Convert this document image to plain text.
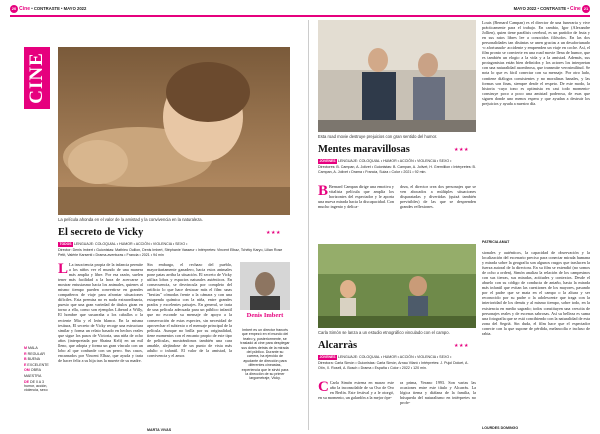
20 Cine • CONTRASTE • MAYO 2022	MAYO 2022 • CONTRASTE • Cine 21
CINE
La película ahonda en el valor de la amistad y la convivencia en la naturaleza.
El secreto de Vicky	★★★
TODOS LENGUAJE: COLOQUIAL • HUMOR • ACCIÓN • VIOLENCIA • SEXO •
Director: Denis Imbert • Guionistas: Mathieu Oullion, Denis Imbert, Stéphanie Vasseur • Intérpretes: Vincent Elbaz, Tchéky Karyo, Lilian Rose Petit, Valérie Karsenti • Drama-aventuras • Francia • 2021 • 94 min
M MALA
R REGULAR
B BUENA
E EXCELENTE
OM OBRA MAESTRA
DE DE 0 A 3 humor, acción, violencia, sexo
L La insociencia propia de la infancia permite a los niños ver el mundo de una manera más amplia y libre. Por esa razón, suelen tener más facilidad a la hora de acercarse y mostrar entusiasmo hacia los animales, quienes al mismo tiempo pueden convertirse en grandes compañeros de viaje para afrontar situaciones difíciles. Esta premisa no es nada extraordinaria, puesto que una gran variedad de títulos giran en torno a ella, como son ejemplos Liberad a Willy, El hombre que susurraba a los caballos o la reciente Mia y el león blanco. En la misma tesitura, El secreto de Vicky recoge una estructura similar y forma un relato basado en hechos reales que sigue los pasos de Victoria, una niña de ocho años (interpretada por Shaina Keli) en un mil lleno, que adopta y forma un gran vínculo con un lobo al que confunde con un perro. Sus casos, encarnados por Vincent Elbaz, que ayuda y trata de hacer feliz a su hija tras la muerte de su madre.
Sin embargo, el rechazo del pueblo, mayoritariamente ganadero, hacia estos animales pone patas arriba la situación. El secreto de Vicky utiliza lobos y espacios naturales auténticos. En consecuencia, se desvincula por completo del artificio lo que hace destacar más el film: unas "bestias" cómodas frente a la cámara y con una estupenda química con la niña, entre grandes prados y excelentes paisajes. En general, se trata de una película adecuada para un público infantil que no esconde su mensaje de apoyo a la conservación de estas especies, sin necesidad de aprovechar el subtexto o el mensaje principal de la película. Aunque no brilla por su originalidad, tiene momentos con el encanto propio de este tipo de películas, mostrándonos también una cara amable, alejándose de un punto de vista más adulto o infantil. El valor de la amistad, la convivencia y el amor.
MARTA VIVAS
Denis Imbert
Imbert es un director francés que empezó en el mundo del teatro y, posteriormente, se trasladó al cine para desplegar sus dotes detrás de la mirada del público. Durante su carrera, ha ejercido de ayudante de dirección para diferentes cineastas, experiencia que le sirvió para la dirección de su primer largometraje, Vicky.
Esta road movie destruye prejuicios con gran sentido del humor.
Mentes maravillosas	★★★
JÓVENES LENGUAJE: COLOQUIAL • HUMOR • ACCIÓN • VIOLENCIA • SEXO •
Directores: B. Campan, A. Jolivet • Guionistas: B. Campan, A. Jolivet, H. Gremillion • Intérpretes: B. Campan, A. Jolivet • Drama • Francia, Suiza • Color • 2021 • 92 min.
B Bernard Campan dirige una emotiva y vitalista película que amplía los horizontes del espectador y le aporta una nueva mirada hacia la discapacidad. Con mucho ingenio y delica-
deza, el director crea dos personajes que se ven abocados a múltiples situaciones disparatadas y divertidas (quizá también previsibles) de las que se desprenden grandes reflexiones.
Louis (Bernard Campan) es el director de una funeraria y vive prácticamente para el trabajo. En cambio, Igor (Alexandre Jollien), quien tiene parálisis cerebral, es un partidor de fruta y en sus ratos libres lee a conocidos filósofos. En las dos personalidades tan distintas se unen gracias a un desafortunado -o afortunado- accidente y emprenden un viaje en coche. Así, el film pronto se convierte en una road movie llena de humor, que es también un elogio a la vida y a la amistad. Además, sus protagonistas están bien definidos y los actores los interpretan con una naturalidad asombrosa, que transmite verosimilitud. Se nota lo que es fácil conectar con su mensaje. Por otro lado, contiene diálogos consistentes y no moralinas banales, y las formas son finas, siempre desde el respeto. De este modo, la historia -cuyo tono es optimista en casi todo momento- construye poco a poco una amistad poderosa, de esas que siguen donde uno menos espera y que ayudan a destruir los prejuicios y ayuda a nuestro día.
PATRICIA AMAT
Carla Simón se lanza a un estudio etnográfico vinculado con el campo.
Alcarràs	★★★
JÓVENES LENGUAJE: COLOQUIAL • HUMOR • ACCIÓN • VIOLENCIA • SEXO •
Directora: Carla Simón • Guionistas: Carla Simón, Arnau Vilaró • Intérpretes: J. Pujol Dolcet, A. Otín, X. Rosell, A. Bosch • Drama • España • Color • 2022 • 120 min.
C Carla Simón estrena en marzo este año la inconsolable de su Oso de Oro en Berlín. Este festival y a le otorgó, en su momento, un galardón a la mejor ópe-
ra prima, Verano 1993. Son varias las ocasiones entre este título y Alcarràs. La lógica tiema y diáfana de la familia, la búsqueda del naturalismo en intérpretes no profe-
sionales y auténticos, la capacidad de observación y la localización del escenario preciso para conectar mirada humana y mirada sobre la geografía son algunos rasgos que traslucen la fuerza autoral de la directora. En su film se extendió (no somos de ocho a orden), Simón analiza la relación de los campesinos con sus tierras, sus miradas, actitudes y contextos. Desde el abuelo con su código de conducta de antaño, hasta la mirada más infantil que evitan las cuestiones de los mayores, pasando por el padre que se mata en el campo o la altura y ser reconocido por su padre o la adolescente que traga con la interioridad de los demás y al mismo tiempo, sobre todo, en la existencia en medio sagrado; todos constituyen una crescita de personajes reales y de escenas sabrosas. Así su belleza es suma una fotografía que se está concibiendo con la naturalidad de esta zona del Segriá. Sin duda, el film hace que el espectador conecte con la que supone de pérdida, melancolía e incluso de rabia.
LOURDES DOMINGO
